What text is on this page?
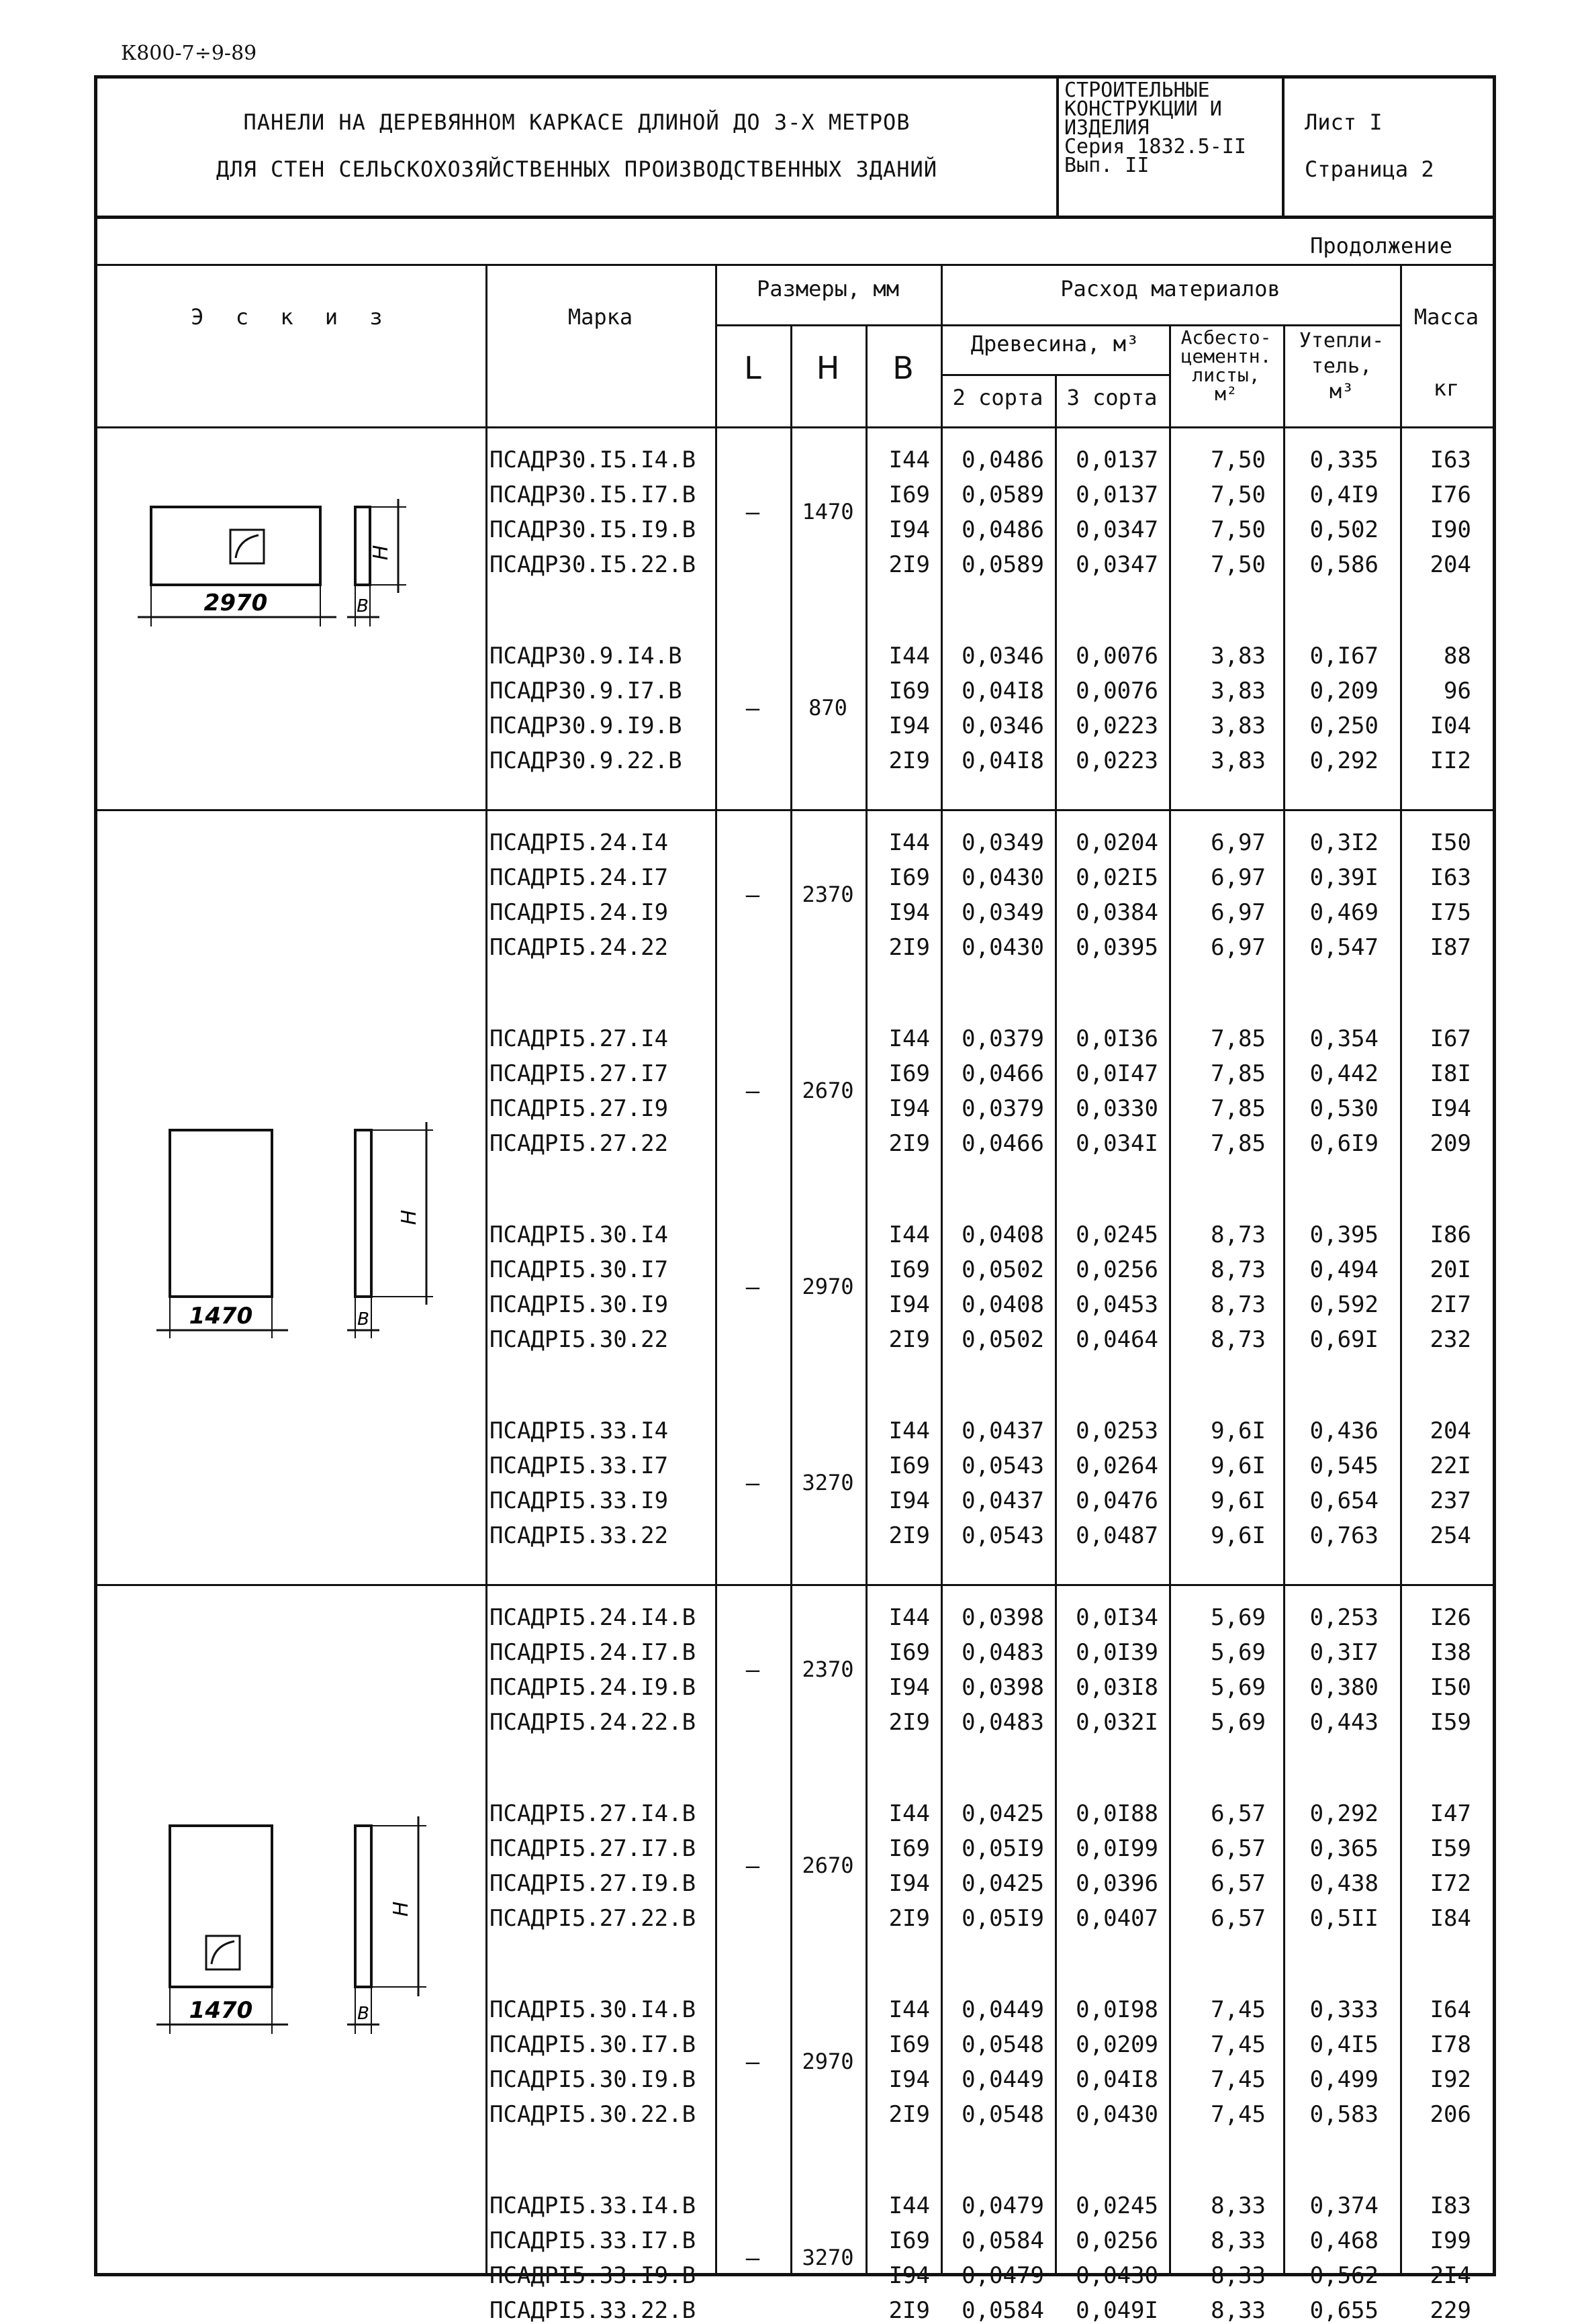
К800-7÷9-89
ПАНЕЛИ НА ДЕРЕВЯННОМ КАРКАСЕ ДЛИНОЙ ДО 3-Х МЕТРОВ
ДЛЯ СТЕН СЕЛЬСКОХОЗЯЙСТВЕННЫХ ПРОИЗВОДСТВЕННЫХ ЗДАНИЙ
СТРОИТЕЛЬНЫЕ
КОНСТРУКЦИИ И
ИЗДЕЛИЯ
Серия 1832.5-II
Вып. II
Лист I
Страница 2
Продолжение
Э с к и з	Марка
Размеры, мм
L	H	B
Расход материалов
Древесина, м³
2 сорта	3 сорта
Асбесто-
цементн.
листы,
м²
Утепли-
тель,
м³
Масса
кг
2970
H
B
1470
H
B
1470
H
B
ПСАДР30.I5.I4.B	I44	0,0486	0,0137	7,50	0,335	I63
ПСАДР30.I5.I7.B	I69	0,0589	0,0137	7,50	0,4I9	I76
ПСАДР30.I5.I9.B	I94	0,0486	0,0347	7,50	0,502	I90
ПСАДР30.I5.22.B	2I9	0,0589	0,0347	7,50	0,586	204
–	1470
ПСАДР30.9.I4.B	I44	0,0346	0,0076	3,83	0,I67	88
ПСАДР30.9.I7.B	I69	0,04I8	0,0076	3,83	0,209	96
ПСАДР30.9.I9.B	I94	0,0346	0,0223	3,83	0,250	I04
ПСАДР30.9.22.B	2I9	0,04I8	0,0223	3,83	0,292	II2
–	870
ПСАДРI5.24.I4	I44	0,0349	0,0204	6,97	0,3I2	I50
ПСАДРI5.24.I7	I69	0,0430	0,02I5	6,97	0,39I	I63
ПСАДРI5.24.I9	I94	0,0349	0,0384	6,97	0,469	I75
ПСАДРI5.24.22	2I9	0,0430	0,0395	6,97	0,547	I87
–	2370
ПСАДРI5.27.I4	I44	0,0379	0,0I36	7,85	0,354	I67
ПСАДРI5.27.I7	I69	0,0466	0,0I47	7,85	0,442	I8I
ПСАДРI5.27.I9	I94	0,0379	0,0330	7,85	0,530	I94
ПСАДРI5.27.22	2I9	0,0466	0,034I	7,85	0,6I9	209
–	2670
ПСАДРI5.30.I4	I44	0,0408	0,0245	8,73	0,395	I86
ПСАДРI5.30.I7	I69	0,0502	0,0256	8,73	0,494	20I
ПСАДРI5.30.I9	I94	0,0408	0,0453	8,73	0,592	2I7
ПСАДРI5.30.22	2I9	0,0502	0,0464	8,73	0,69I	232
–	2970
ПСАДРI5.33.I4	I44	0,0437	0,0253	9,6I	0,436	204
ПСАДРI5.33.I7	I69	0,0543	0,0264	9,6I	0,545	22I
ПСАДРI5.33.I9	I94	0,0437	0,0476	9,6I	0,654	237
ПСАДРI5.33.22	2I9	0,0543	0,0487	9,6I	0,763	254
–	3270
ПСАДРI5.24.I4.B	I44	0,0398	0,0I34	5,69	0,253	I26
ПСАДРI5.24.I7.B	I69	0,0483	0,0I39	5,69	0,3I7	I38
ПСАДРI5.24.I9.B	I94	0,0398	0,03I8	5,69	0,380	I50
ПСАДРI5.24.22.B	2I9	0,0483	0,032I	5,69	0,443	I59
–	2370
ПСАДРI5.27.I4.B	I44	0,0425	0,0I88	6,57	0,292	I47
ПСАДРI5.27.I7.B	I69	0,05I9	0,0I99	6,57	0,365	I59
ПСАДРI5.27.I9.B	I94	0,0425	0,0396	6,57	0,438	I72
ПСАДРI5.27.22.B	2I9	0,05I9	0,0407	6,57	0,5II	I84
–	2670
ПСАДРI5.30.I4.B	I44	0,0449	0,0I98	7,45	0,333	I64
ПСАДРI5.30.I7.B	I69	0,0548	0,0209	7,45	0,4I5	I78
ПСАДРI5.30.I9.B	I94	0,0449	0,04I8	7,45	0,499	I92
ПСАДРI5.30.22.B	2I9	0,0548	0,0430	7,45	0,583	206
–	2970
ПСАДРI5.33.I4.B	I44	0,0479	0,0245	8,33	0,374	I83
ПСАДРI5.33.I7.B	I69	0,0584	0,0256	8,33	0,468	I99
ПСАДРI5.33.I9.B	I94	0,0479	0,0430	8,33	0,562	2I4
ПСАДРI5.33.22.B	2I9	0,0584	0,049I	8,33	0,655	229
–	3270
